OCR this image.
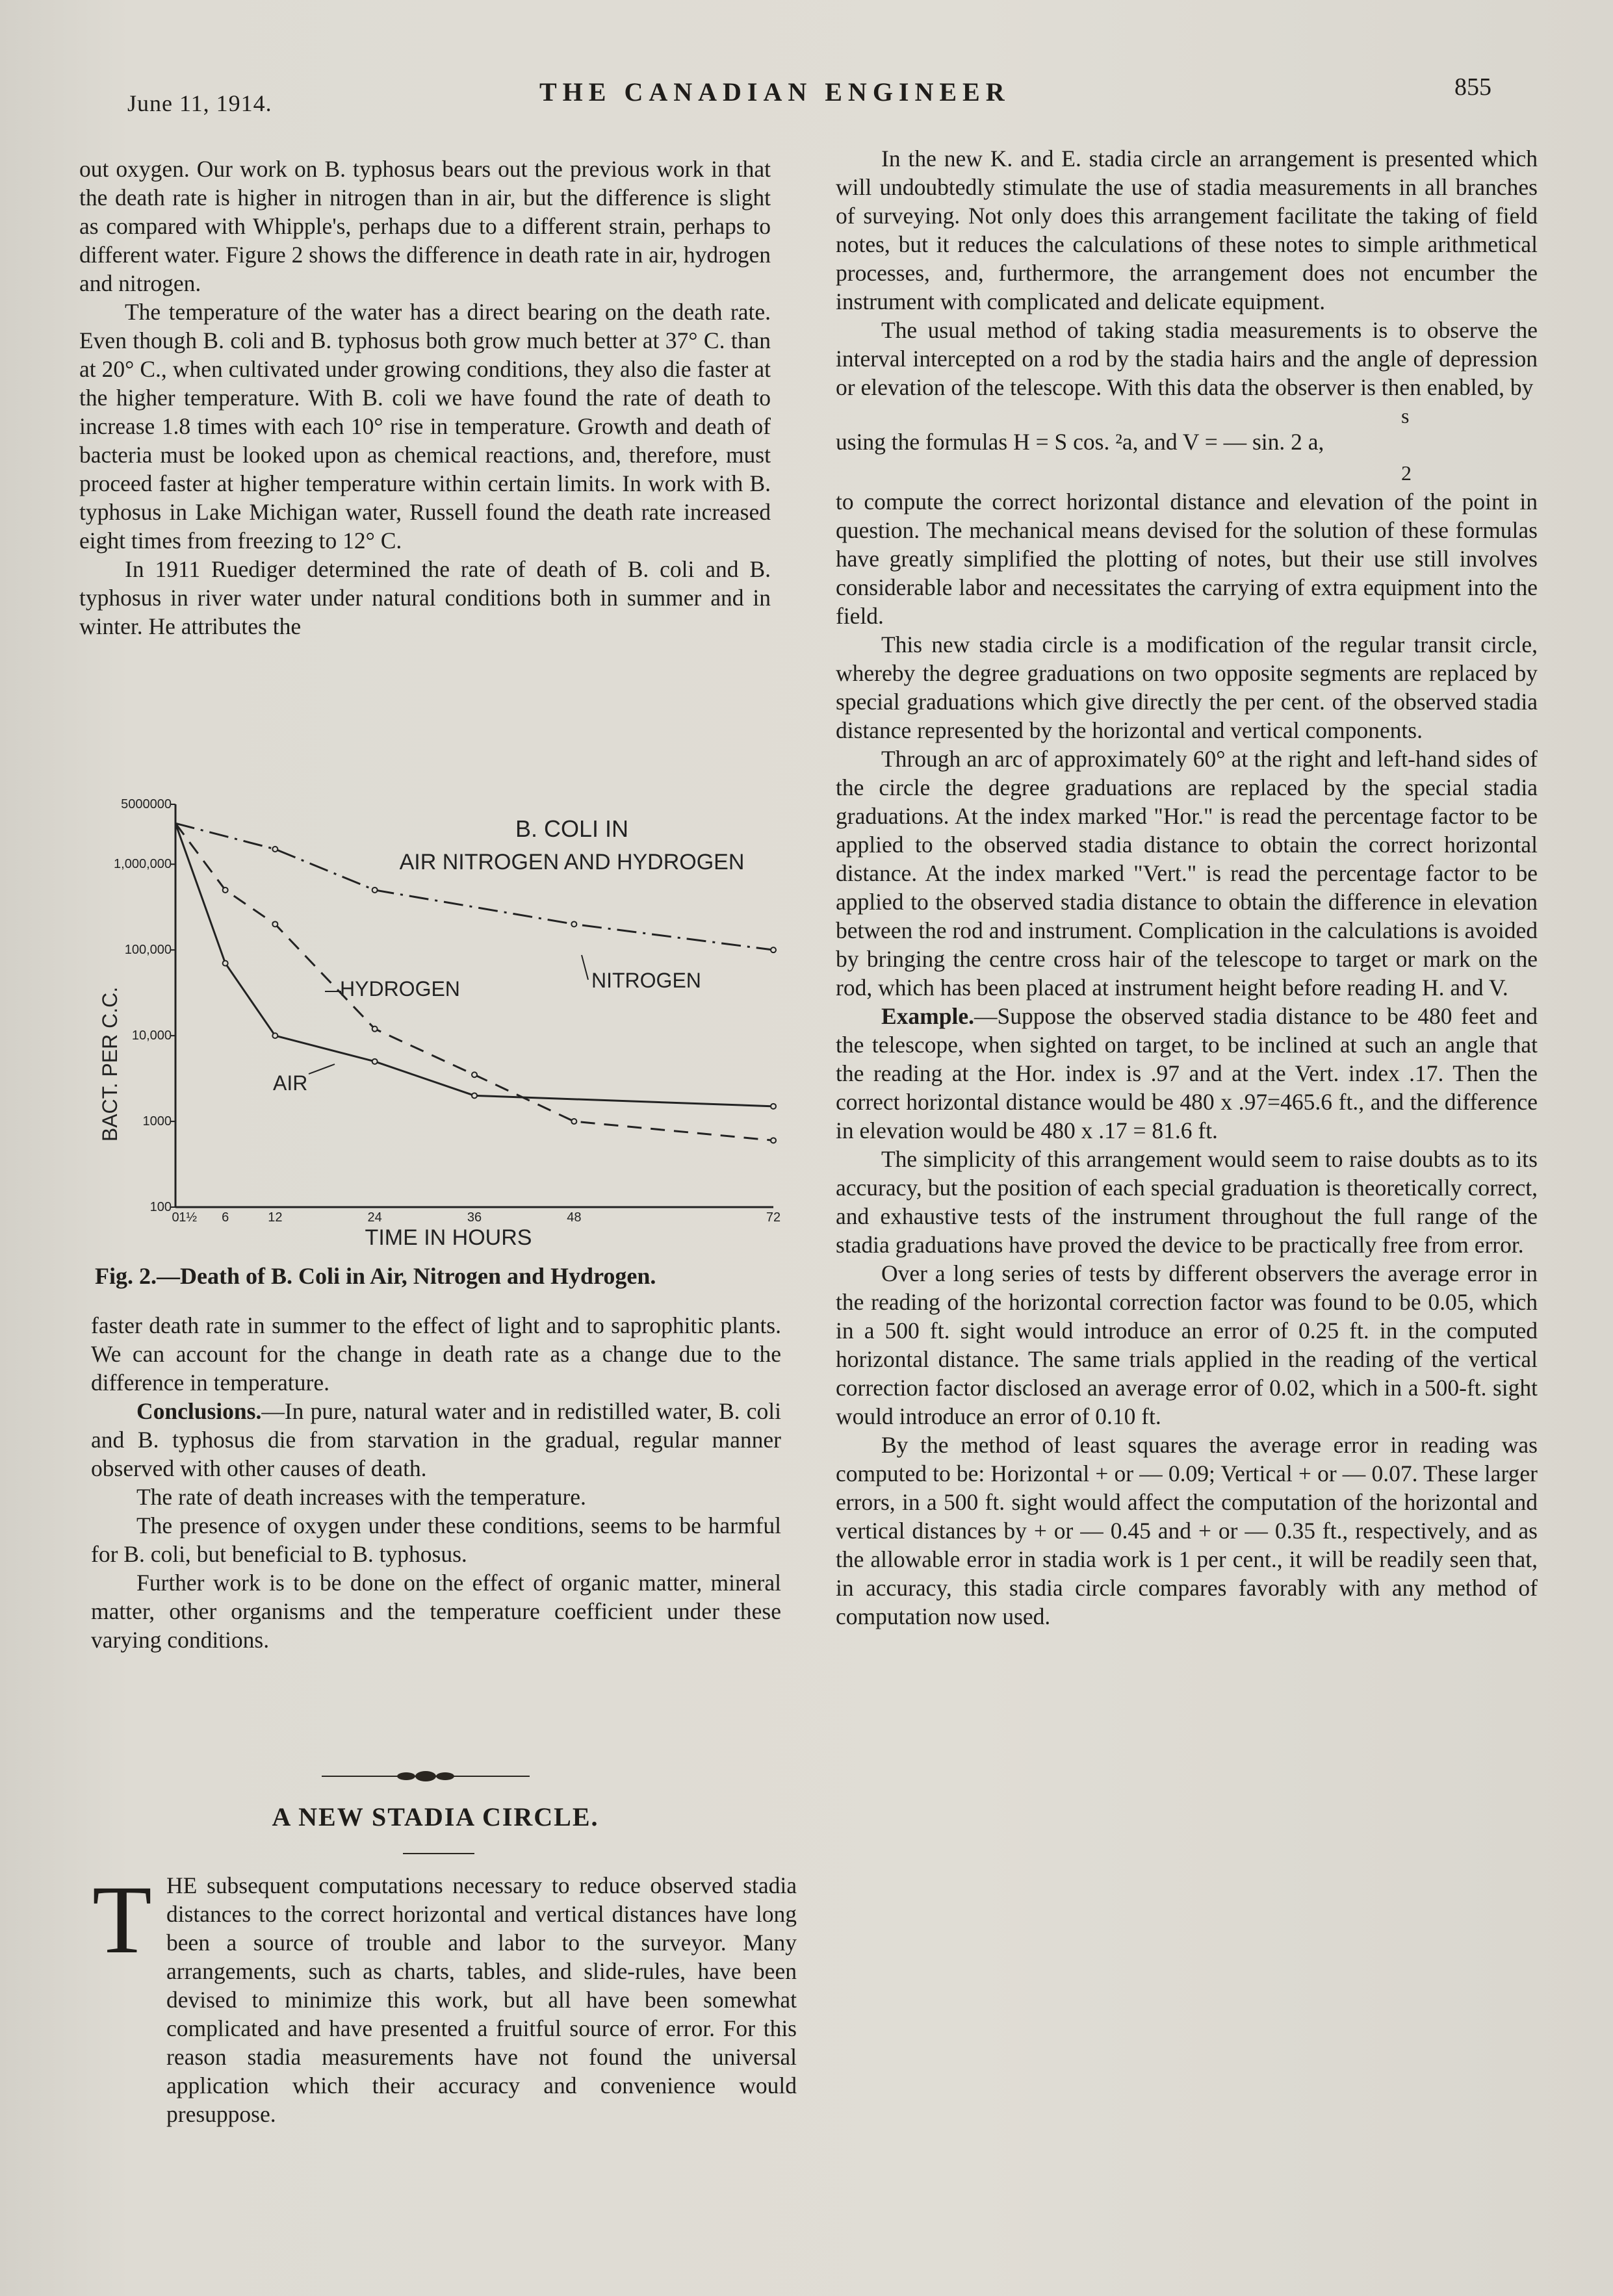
June 11, 1914.	THE CANADIAN ENGINEER	855

out oxygen. Our work on B. typhosus bears out the previous work in that the death rate is higher in nitrogen than in air, but the difference is slight as compared with Whipple's, perhaps due to a different strain, perhaps to different water. Figure 2 shows the difference in death rate in air, hydrogen and nitrogen.

The temperature of the water has a direct bearing on the death rate. Even though B. coli and B. typhosus both grow much better at 37° C. than at 20° C., when cultivated under growing conditions, they also die faster at the higher temperature. With B. coli we have found the rate of death to increase 1.8 times with each 10° rise in temperature. Growth and death of bacteria must be looked upon as chemical reactions, and, therefore, must proceed faster at higher temperature within certain limits. In work with B. typhosus in Lake Michigan water, Russell found the death rate increased eight times from freezing to 12° C.

In 1911 Ruediger determined the rate of death of B. coli and B. typhosus in river water under natural conditions both in summer and in winter. He attributes the

100
1000
10,000
100,000
1,000,000
5000000
0 1½ 6	12	24	36	48	72
TIME IN HOURS
BACT. PER C.C.
B. COLI IN
AIR NITROGEN AND HYDROGEN
AIR
HYDROGEN	NITROGEN
Fig. 2.—Death of B. Coli in Air, Nitrogen and Hydrogen.

faster death rate in summer to the effect of light and to saprophitic plants. We can account for the change in death rate as a change due to the difference in temperature.

Conclusions.—In pure, natural water and in redistilled water, B. coli and B. typhosus die from starvation in the gradual, regular manner observed with other causes of death.

The rate of death increases with the temperature.

The presence of oxygen under these conditions, seems to be harmful for B. coli, but beneficial to B. typhosus.

Further work is to be done on the effect of organic matter, mineral matter, other organisms and the temperature coefficient under these varying conditions.

A NEW STADIA CIRCLE.
T HE subsequent computations necessary to reduce observed stadia distances to the correct horizontal and vertical distances have long been a source of trouble and labor to the surveyor. Many arrangements, such as charts, tables, and slide-rules, have been devised to minimize this work, but all have been somewhat complicated and have presented a fruitful source of error. For this reason stadia measurements have not found the universal application which their accuracy and convenience would presuppose.

In the new K. and E. stadia circle an arrangement is presented which will undoubtedly stimulate the use of stadia measurements in all branches of surveying. Not only does this arrangement facilitate the taking of field notes, but it reduces the calculations of these notes to simple arithmetical processes, and, furthermore, the arrangement does not encumber the instrument with complicated and delicate equipment.

The usual method of taking stadia measurements is to observe the interval intercepted on a rod by the stadia hairs and the angle of depression or elevation of the telescope. With this data the observer is then enabled, by

s
using the formulas H = S cos. ²a, and V = — sin. 2 a,
2

to compute the correct horizontal distance and elevation of the point in question. The mechanical means devised for the solution of these formulas have greatly simplified the plotting of notes, but their use still involves considerable labor and necessitates the carrying of extra equipment into the field.

This new stadia circle is a modification of the regular transit circle, whereby the degree graduations on two opposite segments are replaced by special graduations which give directly the per cent. of the observed stadia distance represented by the horizontal and vertical components.

Through an arc of approximately 60° at the right and left-hand sides of the circle the degree graduations are replaced by the special stadia graduations. At the index marked "Hor." is read the percentage factor to be applied to the observed stadia distance to obtain the correct horizontal distance. At the index marked "Vert." is read the percentage factor to be applied to the observed stadia distance to obtain the difference in elevation between the rod and instrument. Complication in the calculations is avoided by bringing the centre cross hair of the telescope to target or mark on the rod, which has been placed at instrument height before reading H. and V.

Example.—Suppose the observed stadia distance to be 480 feet and the telescope, when sighted on target, to be inclined at such an angle that the reading at the Hor. index is .97 and at the Vert. index .17. Then the correct horizontal distance would be 480 x .97=465.6 ft., and the difference in elevation would be 480 x .17 = 81.6 ft.

The simplicity of this arrangement would seem to raise doubts as to its accuracy, but the position of each special graduation is theoretically correct, and exhaustive tests of the instrument throughout the full range of the stadia graduations have proved the device to be practically free from error.

Over a long series of tests by different observers the average error in the reading of the horizontal correction factor was found to be 0.05, which in a 500 ft. sight would introduce an error of 0.25 ft. in the computed horizontal distance. The same trials applied in the reading of the vertical correction factor disclosed an average error of 0.02, which in a 500-ft. sight would introduce an error of 0.10 ft.

By the method of least squares the average error in reading was computed to be: Horizontal + or — 0.09; Vertical + or — 0.07. These larger errors, in a 500 ft. sight would affect the computation of the horizontal and vertical distances by + or — 0.45 and + or — 0.35 ft., respectively, and as the allowable error in stadia work is 1 per cent., it will be readily seen that, in accuracy, this stadia circle compares favorably with any method of computation now used.
